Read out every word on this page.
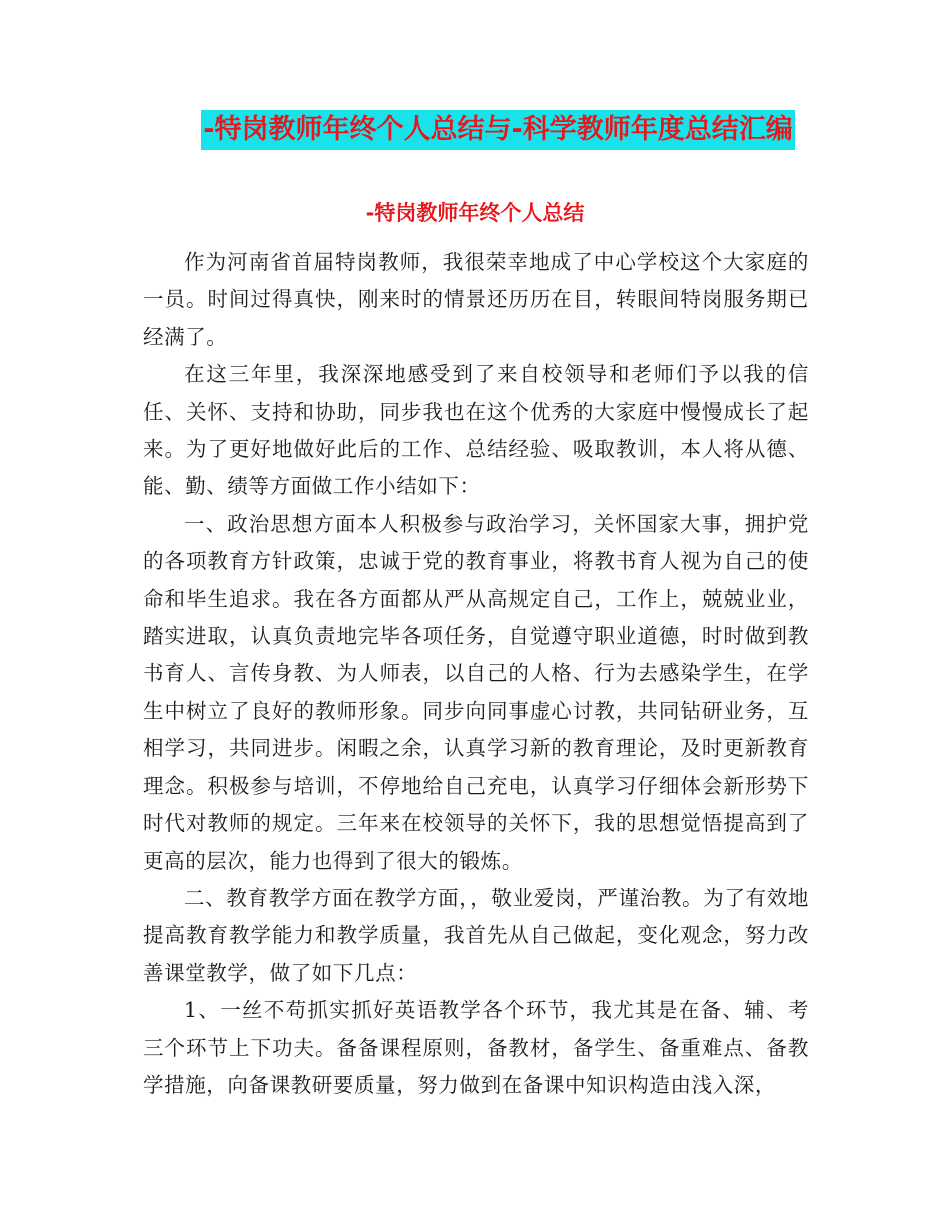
-特岗教师年终个人总结与-科学教师年度总结汇编
-特岗教师年终个人总结

作为河南省首届特岗教师，我很荣幸地成了中心学校这个大家庭的一员。时间过得真快，刚来时的情景还历历在目，转眼间特岗服务期已经满了。

在这三年里，我深深地感受到了来自校领导和老师们予以我的信任、关怀、支持和协助，同步我也在这个优秀的大家庭中慢慢成长了起来。为了更好地做好此后的工作、总结经验、吸取教训，本人将从德、能、勤、绩等方面做工作小结如下：

一、政治思想方面本人积极参与政治学习，关怀国家大事，拥护党的各项教育方针政策，忠诚于党的教育事业，将教书育人视为自己的使命和毕生追求。我在各方面都从严从高规定自己，工作上，兢兢业业，踏实进取，认真负责地完毕各项任务，自觉遵守职业道德，时时做到教书育人、言传身教、为人师表，以自己的人格、行为去感染学生，在学生中树立了良好的教师形象。同步向同事虚心讨教，共同钻研业务，互相学习，共同进步。闲暇之余，认真学习新的教育理论，及时更新教育理念。积极参与培训，不停地给自己充电，认真学习仔细体会新形势下时代对教师的规定。三年来在校领导的关怀下，我的思想觉悟提高到了更高的层次，能力也得到了很大的锻炼。

二、教育教学方面在教学方面，，敬业爱岗，严谨治教。为了有效地提高教育教学能力和教学质量，我首先从自己做起，变化观念，努力改善课堂教学，做了如下几点：

1、一丝不苟抓实抓好英语教学各个环节，我尤其是在备、辅、考三个环节上下功夫。备备课程原则，备教材，备学生、备重难点、备教学措施，向备课教研要质量，努力做到在备课中知识构造由浅入深，
